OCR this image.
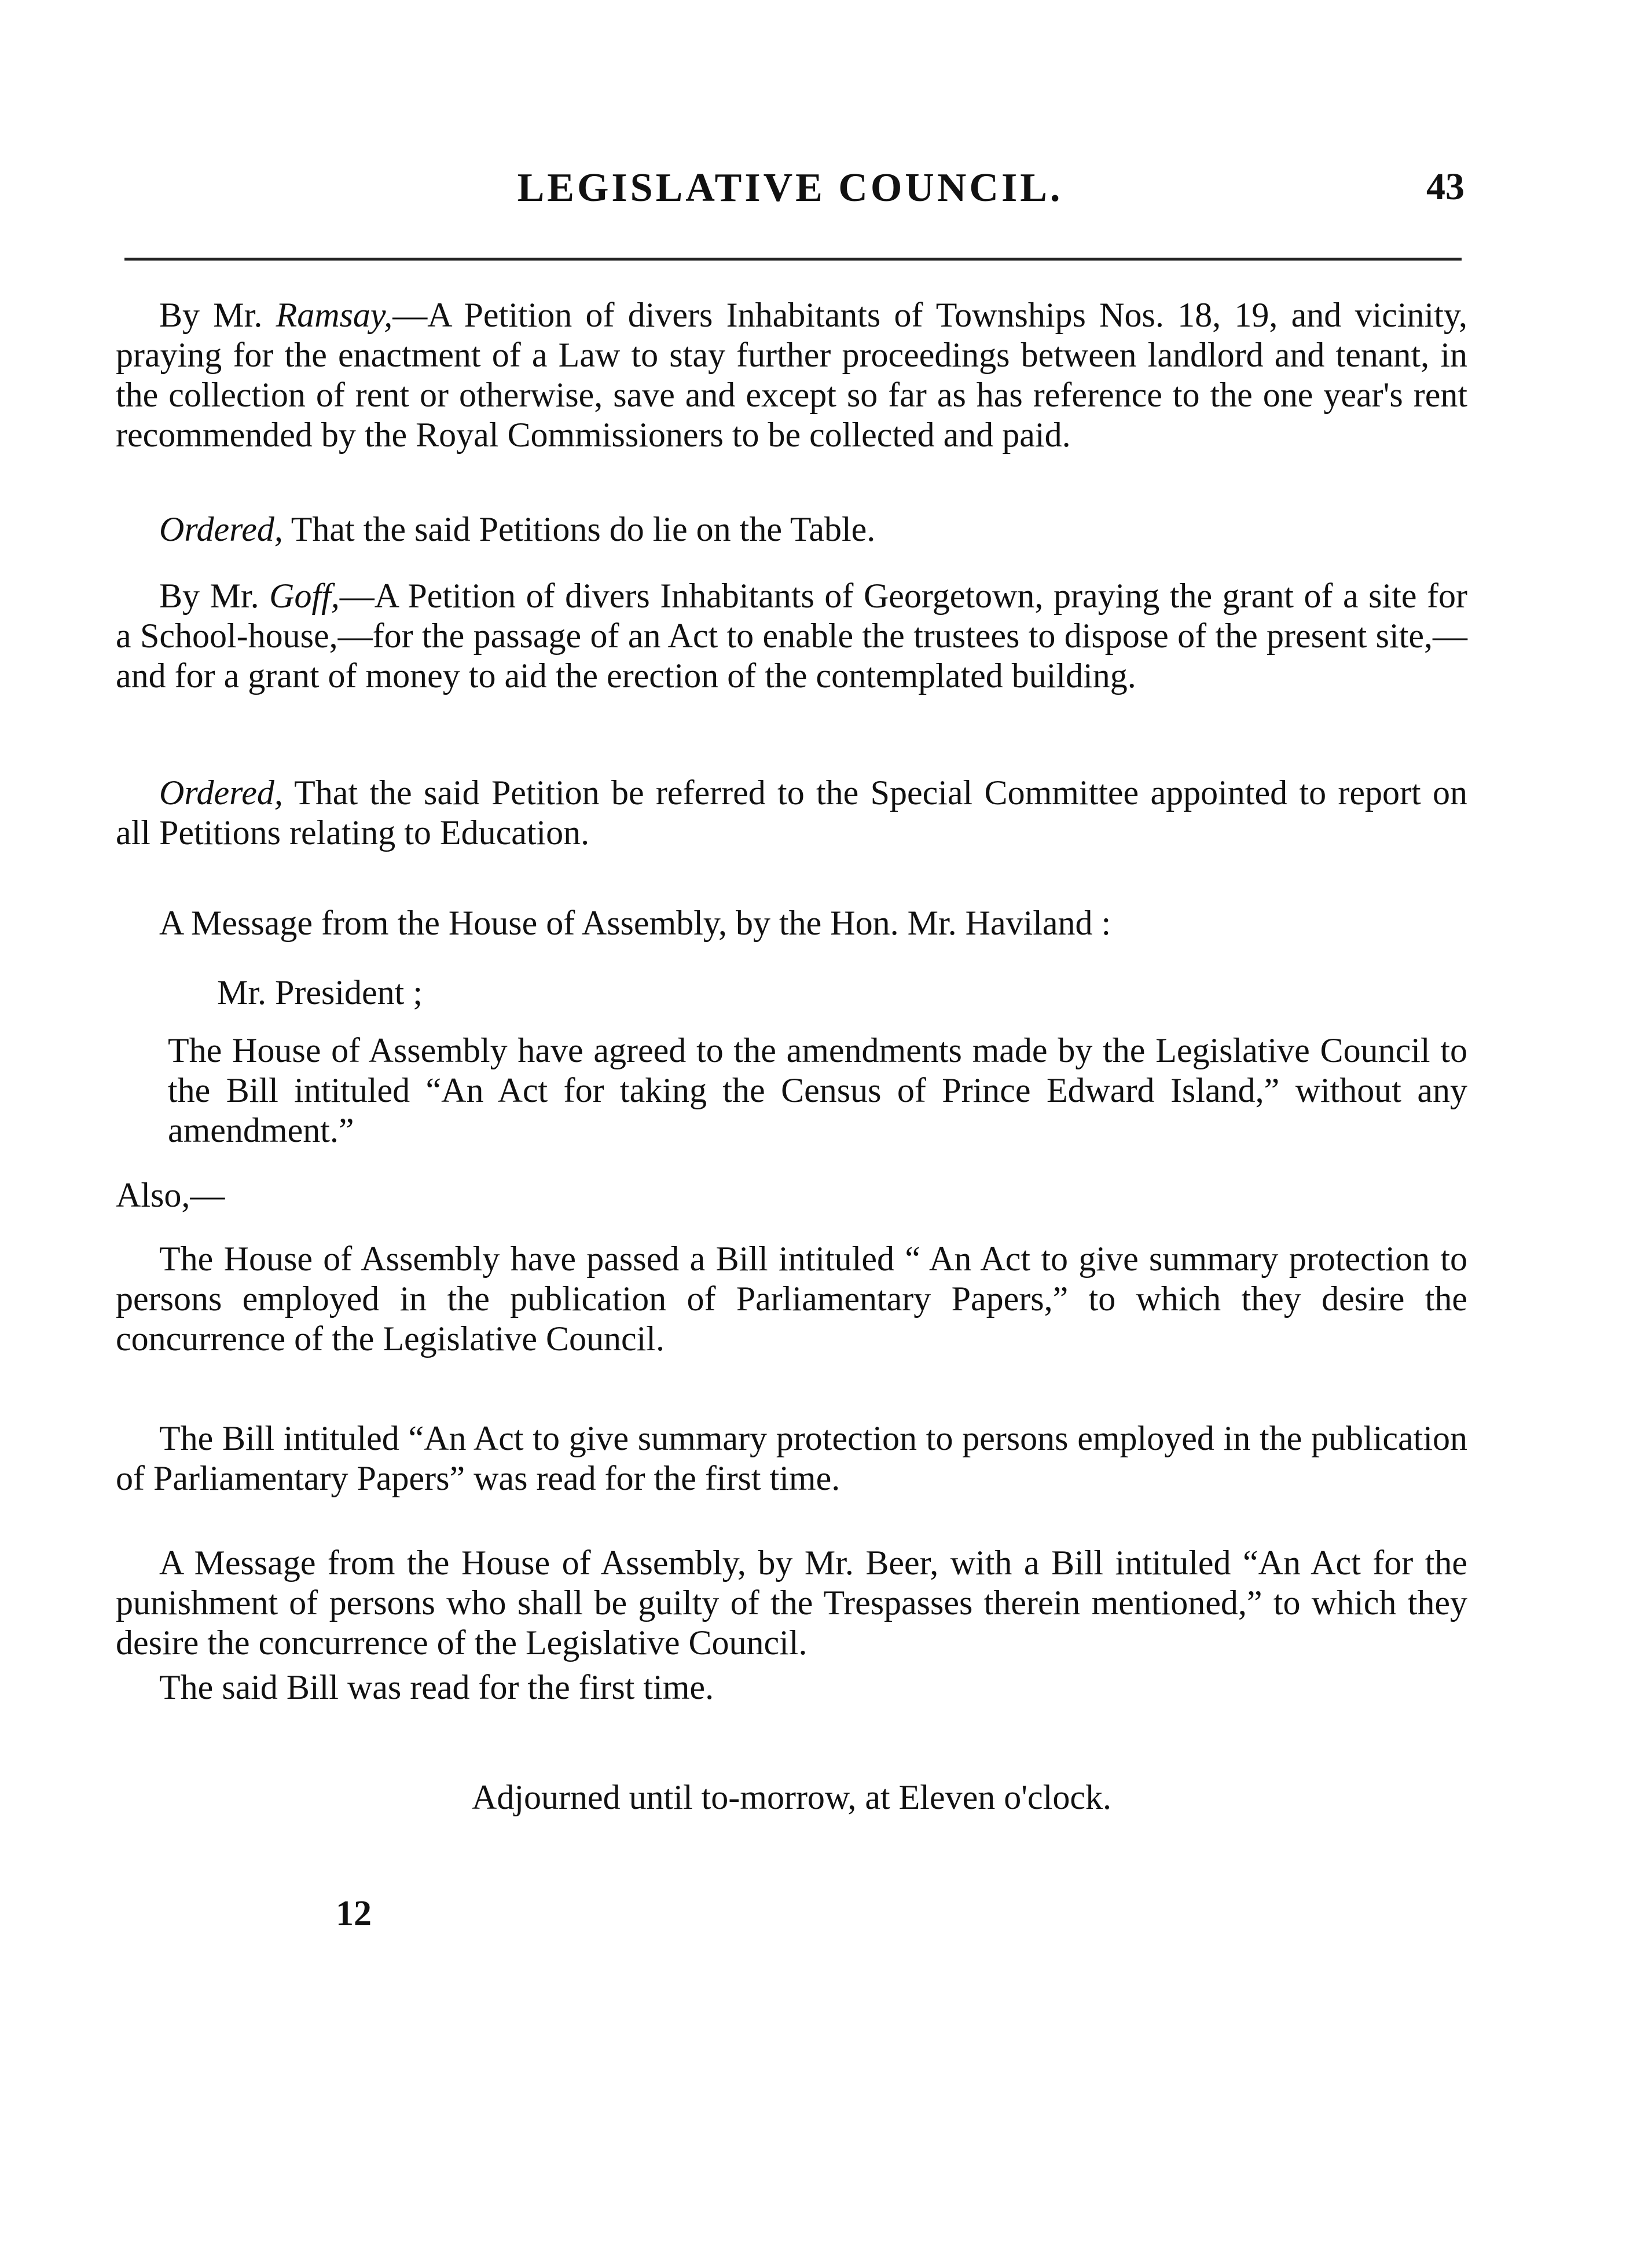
LEGISLATIVE COUNCIL.	43

By Mr. Ramsay,—A Petition of divers Inhabitants of Townships Nos. 18, 19, and vicinity, praying for the enactment of a Law to stay further proceedings between landlord and tenant, in the collection of rent or otherwise, save and except so far as has reference to the one year's rent recommended by the Royal Commissioners to be collected and paid.

Ordered, That the said Petitions do lie on the Table.

By Mr. Goff,—A Petition of divers Inhabitants of Georgetown, praying the grant of a site for a School-house,—for the passage of an Act to enable the trustees to dispose of the present site,—and for a grant of money to aid the erection of the contemplated building.

Ordered, That the said Petition be referred to the Special Committee appointed to report on all Petitions relating to Education.

A Message from the House of Assembly, by the Hon. Mr. Haviland :

Mr. President ;

The House of Assembly have agreed to the amendments made by the Legislative Council to the Bill intituled “An Act for taking the Census of Prince Edward Island,” without any amendment.”

Also,—

The House of Assembly have passed a Bill intituled “ An Act to give summary protection to persons employed in the publication of Parliamentary Papers,” to which they desire the concurrence of the Legislative Council.

The Bill intituled “An Act to give summary protection to persons employed in the publication of Parliamentary Papers” was read for the first time.

A Message from the House of Assembly, by Mr. Beer, with a Bill intituled “An Act for the punishment of persons who shall be guilty of the Trespasses therein mentioned,” to which they desire the concurrence of the Legislative Council.

The said Bill was read for the first time.

Adjourned until to-morrow, at Eleven o'clock.
12
